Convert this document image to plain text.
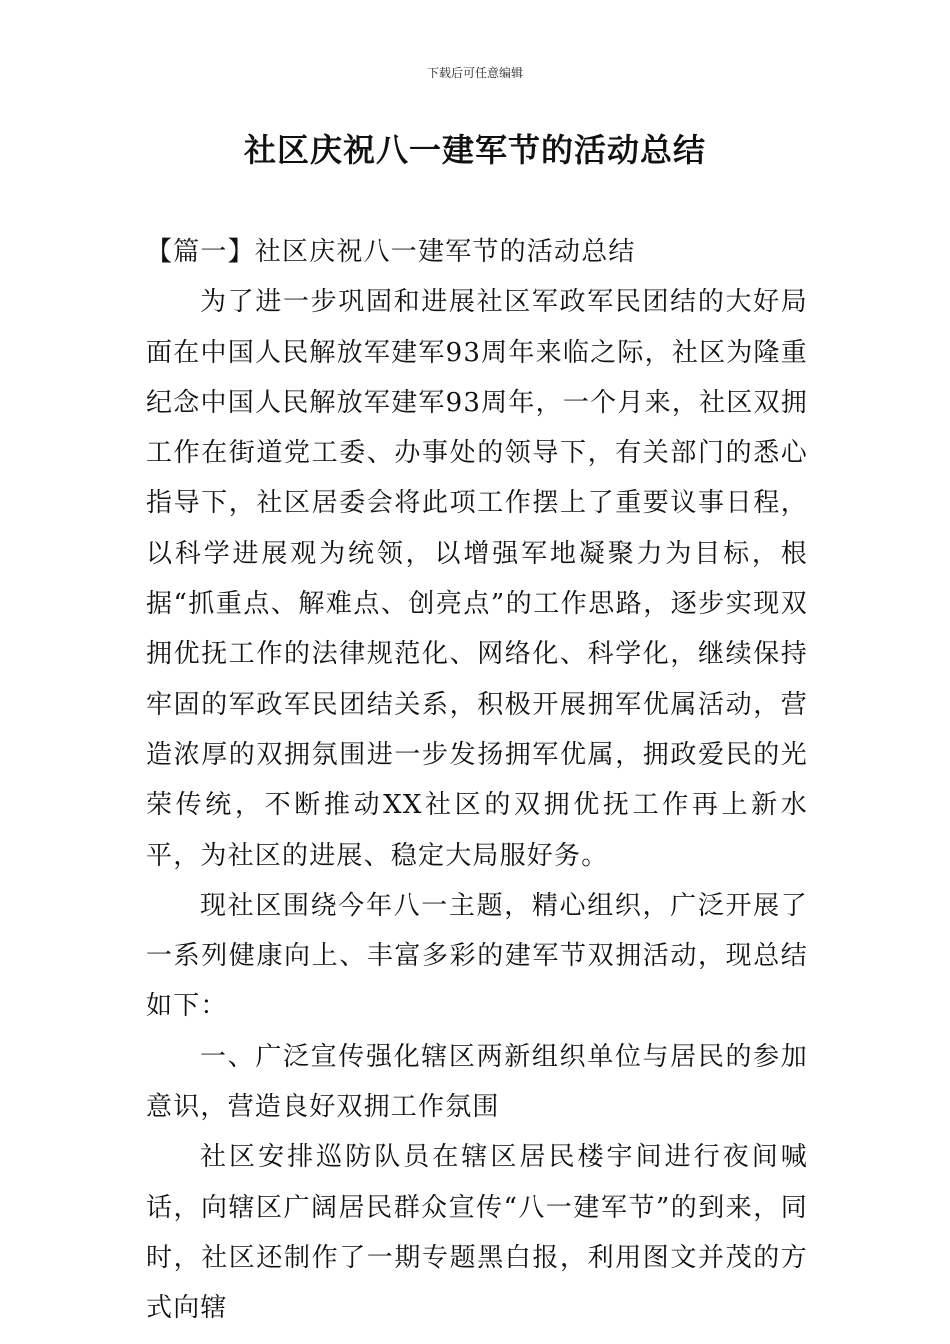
下载后可任意编辑
社区庆祝八一建军节的活动总结

【篇一】社区庆祝八一建军节的活动总结

为了进一步巩固和进展社区军政军民团结的大好局面在中国人民解放军建军93周年来临之际，社区为隆重纪念中国人民解放军建军93周年，一个月来，社区双拥工作在街道党工委、办事处的领导下，有关部门的悉心指导下，社区居委会将此项工作摆上了重要议事日程，以科学进展观为统领，以增强军地凝聚力为目标，根据“抓重点、解难点、创亮点”的工作思路，逐步实现双拥优抚工作的法律规范化、网络化、科学化，继续保持牢固的军政军民团结关系，积极开展拥军优属活动，营造浓厚的双拥氛围进一步发扬拥军优属，拥政爱民的光荣传统，不断推动XX社区的双拥优抚工作再上新水平，为社区的进展、稳定大局服好务。

现社区围绕今年八一主题，精心组织，广泛开展了一系列健康向上、丰富多彩的建军节双拥活动，现总结如下：

一、广泛宣传强化辖区两新组织单位与居民的参加意识，营造良好双拥工作氛围

社区安排巡防队员在辖区居民楼宇间进行夜间喊话，向辖区广阔居民群众宣传“八一建军节”的到来，同时，社区还制作了一期专题黑白报，利用图文并茂的方式向辖
